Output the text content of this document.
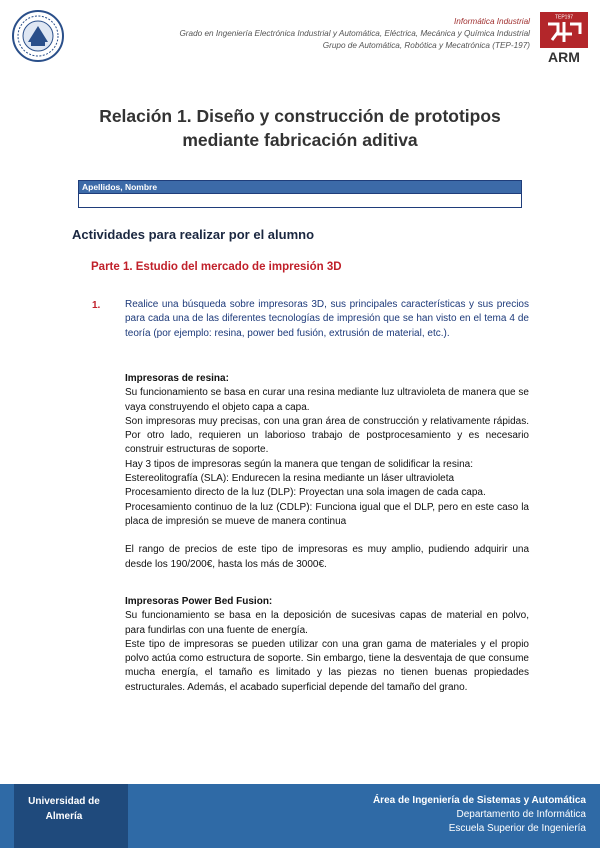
Informática Industrial
Grado en Ingeniería Electrónica Industrial y Automática, Eléctrica, Mecánica y Química Industrial
Grupo de Automática, Robótica y Mecatrónica (TEP-197)
TEP197
ARM
Relación 1. Diseño y construcción de prototipos
mediante fabricación aditiva
Apellidos, Nombre
Actividades para realizar por el alumno
Parte 1. Estudio del mercado de impresión 3D
1. Realice una búsqueda sobre impresoras 3D, sus principales características y sus precios para cada una de las diferentes tecnologías de impresión que se han visto en el tema 4 de teoría (por ejemplo: resina, power bed fusión, extrusión de material, etc.).

Impresoras de resina:

Su funcionamiento se basa en curar una resina mediante luz ultravioleta de manera que se vaya construyendo el objeto capa a capa.

Son impresoras muy precisas, con una gran área de construcción y relativamente rápidas. Por otro lado, requieren un laborioso trabajo de postprocesamiento y es necesario construir estructuras de soporte.

Hay 3 tipos de impresoras según la manera que tengan de solidificar la resina:

Estereolitografía (SLA): Endurecen la resina mediante un láser ultravioleta

Procesamiento directo de la luz (DLP): Proyectan una sola imagen de cada capa.

Procesamiento continuo de la luz (CDLP): Funciona igual que el DLP, pero en este caso la placa de impresión se mueve de manera continua

El rango de precios de este tipo de impresoras es muy amplio, pudiendo adquirir una desde los 190/200€, hasta los más de 3000€.

Impresoras Power Bed Fusion:

Su funcionamiento se basa en la deposición de sucesivas capas de material en polvo, para fundirlas con una fuente de energía.

Este tipo de impresoras se pueden utilizar con una gran gama de materiales y el propio polvo actúa como estructura de soporte. Sin embargo, tiene la desventaja de que consume mucha energía, el tamaño es limitado y las piezas no tienen buenas propiedades estructurales. Además, el acabado superficial depende del tamaño del grano.

Universidad de
Almería
Área de Ingeniería de Sistemas y Automática
Departamento de Informática
Escuela Superior de Ingeniería
